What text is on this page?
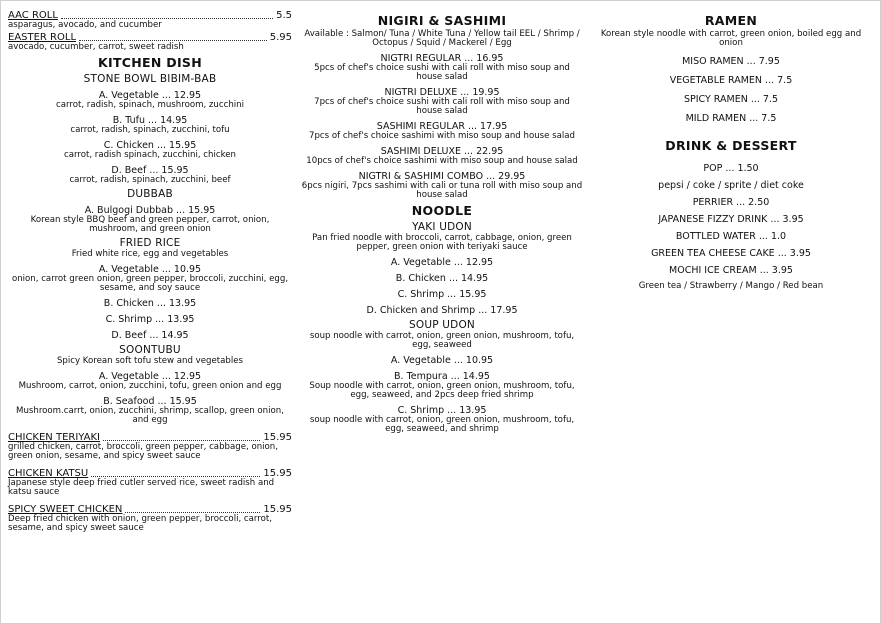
AAC ROLL	5.5
asparagus, avocado, and cucumber
EASTER ROLL	5.95
avocado, cucumber, carrot, sweet radish
KITCHEN DISH
STONE BOWL BIBIM-BAB
A. Vegetable ... 12.95
carrot, radish, spinach, mushroom, zucchini
B. Tufu ... 14.95
carrot, radish, spinach, zucchini, tofu
C. Chicken ... 15.95
carrot, radish spinach, zucchini, chicken
D. Beef ... 15.95
carrot, radish, spinach, zucchini, beef
DUBBAB
A. Bulgogi Dubbab ... 15.95
Korean style BBQ beef and green pepper, carrot, onion, mushroom, and green onion
FRIED RICE
Fried white rice, egg and vegetables
A. Vegetable ... 10.95
onion, carrot green onion, green pepper, broccoli, zucchini, egg, sesame, and soy sauce
B. Chicken ... 13.95
C. Shrimp ... 13.95
D. Beef ... 14.95
SOONTUBU
Spicy Korean soft tofu stew and vegetables
A. Vegetable ... 12.95
Mushroom, carrot, onion, zucchini, tofu, green onion and egg
B. Seafood ... 15.95
Mushroom.carrt, onion, zucchini, shrimp, scallop, green onion, and egg
CHICKEN TERIYAKI	15.95
grilled chicken, carrot, broccoli, green pepper, cabbage, onion, green onion, sesame, and spicy sweet sauce
CHICKEN KATSU	15.95
Japanese style deep fried cutler served rice, sweet radish and katsu sauce
SPICY SWEET CHICKEN	15.95
Deep fried chicken with onion, green pepper, broccoli, carrot, sesame, and spicy sweet sauce
NIGIRI & SASHIMI
Available : Salmon/ Tuna / White Tuna / Yellow tail EEL / Shrimp / Octopus / Squid / Mackerel / Egg
NIGTRI REGULAR ... 16.95
5pcs of chef's choice sushi with cali roll with miso soup and house salad
NIGTRI DELUXE ... 19.95
7pcs of chef's choice sushi with cali roll with miso soup and house salad
SASHIMI REGULAR ... 17.95
7pcs of chef's choice sashimi with miso soup and house salad
SASHIMI DELUXE ... 22.95
10pcs of chef's choice sashimi with miso soup and house salad
NIGTRI & SASHIMI COMBO ... 29.95
6pcs nigiri, 7pcs sashimi with cali or tuna roll with miso soup and house salad
NOODLE
YAKI UDON
Pan fried noodle with broccoli, carrot, cabbage, onion, green pepper, green onion with teriyaki sauce
A. Vegetable ... 12.95
B. Chicken ... 14.95
C. Shrimp ... 15.95
D. Chicken and Shrimp ... 17.95
SOUP UDON
soup noodle with carrot, onion, green onion, mushroom, tofu, egg, seaweed
A. Vegetable ... 10.95
B. Tempura ... 14.95
Soup noodle with carrot, onion, green onion, mushroom, tofu, egg, seaweed, and 2pcs deep fried shrimp
C. Shrimp ... 13.95
soup noodle with carrot, onion, green onion, mushroom, tofu, egg, seaweed, and shrimp
RAMEN
Korean style noodle with carrot, green onion, boiled egg and onion
MISO RAMEN ... 7.95
VEGETABLE RAMEN ... 7.5
SPICY RAMEN ... 7.5
MILD RAMEN ... 7.5
DRINK & DESSERT
POP ... 1.50
pepsi / coke / sprite / diet coke
PERRIER ... 2.50
JAPANESE FIZZY DRINK ... 3.95
BOTTLED WATER ... 1.0
GREEN TEA CHEESE CAKE ... 3.95
MOCHI ICE CREAM ... 3.95
Green tea / Strawberry / Mango / Red bean
